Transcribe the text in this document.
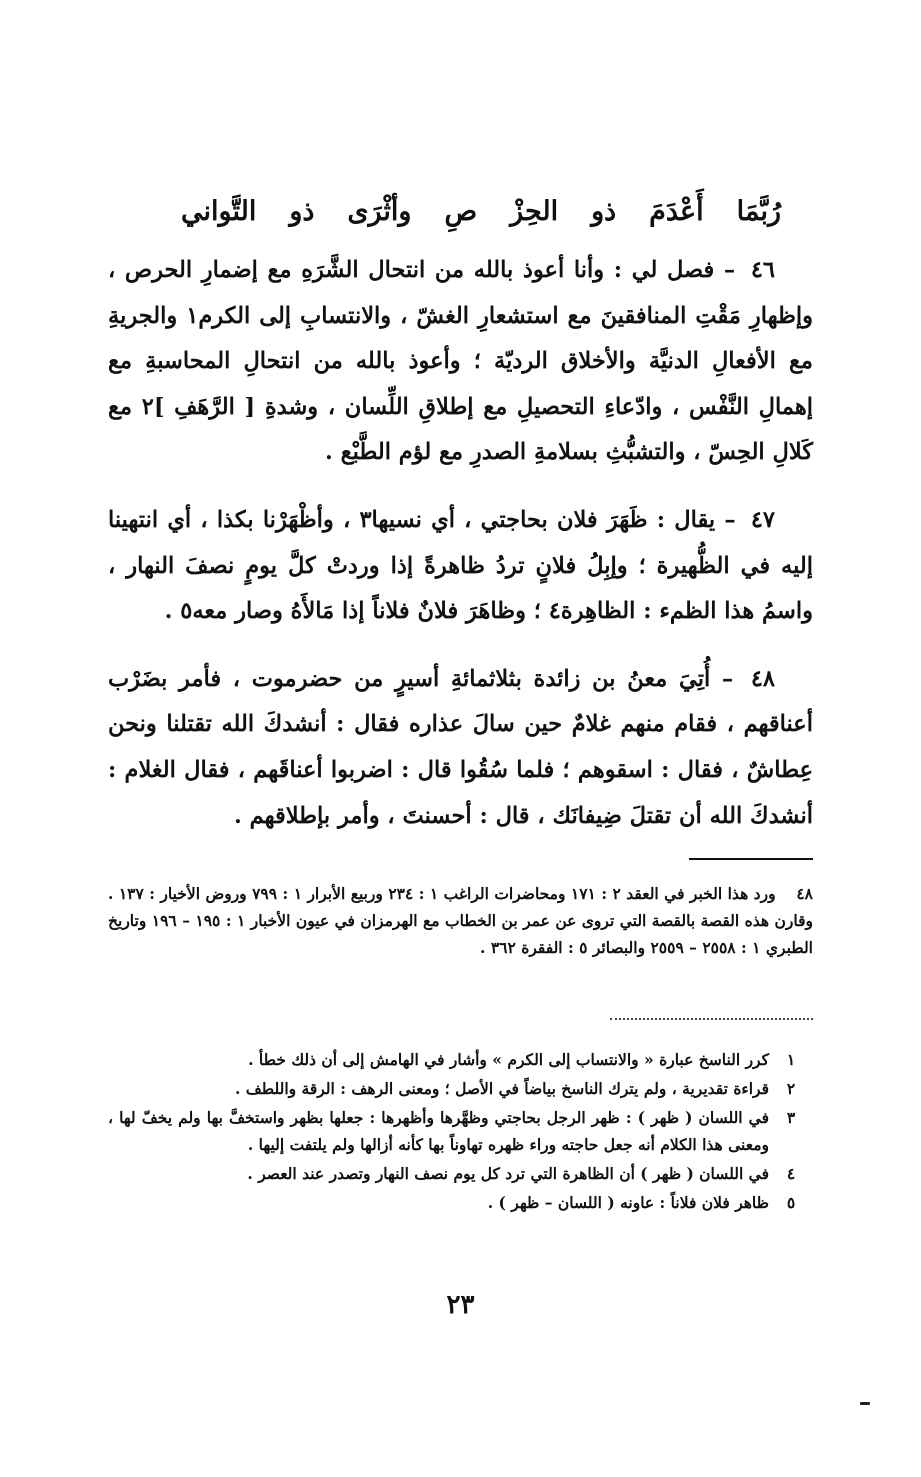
رُبَّمَا
أَعْدَمَ
ذو
الحِزْ
صِ
وأثْرَى
ذو
التَّواني

٤٦ – فصل لي : وأنا أعوذ بالله من انتحال الشَّرَهِ مع إضمارِ الحرص ، وإظهارِ مَقْتِ المنافقينَ مع استشعارِ الغشّ ، والانتسابِ إلى الكرم١ والجريةِ مع الأفعالِ الدنيَّة والأخلاق الرديّة ؛ وأعوذ بالله من انتحالِ المحاسبةِ مع إهمالِ النَّفْس ، وادّعاءِ التحصيلِ مع إطلاقِ اللِّسان ، وشدةِ [ الرَّهَفِ ]٢ مع كَلالِ الحِسّ ، والتشبُّثِ بسلامةِ الصدرِ مع لؤم الطَّبْع .

٤٧ – يقال : ظَهَرَ فلان بحاجتي ، أي نسيها٣ ، وأظْهَرْنا بكذا ، أي انتهينا إليه في الظُّهيرة ؛ وإبِلُ فلانٍ تردُ ظاهرةً إذا وردتْ كلَّ يومٍ نصفَ النهار ، واسمُ هذا الظمء : الظاهِرة٤ ؛ وظاهَرَ فلانٌ فلاناً إذا مَالأَهُ وصار معه٥ .

٤٨ – أُتِيَ معنُ بن زائدة بثلاثمائةِ أسيرٍ من حضرموت ، فأمر بضَرْب أعناقهم ، فقام منهم غلامٌ حين سالَ عذاره فقال : أنشدكَ الله تقتلنا ونحن عِطاشٌ ، فقال : اسقوهم ؛ فلما سُقُوا قال : اضربوا أعناقَهم ، فقال الغلام : أنشدكَ الله أن تقتلَ ضِيفانَك ، قال : أحسنتَ ، وأمر بإطلاقهم .

٤٨ ورد هذا الخبر في العقد ٢ : ١٧١ ومحاضرات الراغب ١ : ٢٣٤ وربيع الأبرار ١ : ٧٩٩ وروض الأخيار : ١٣٧ . وقارن هذه القصة بالقصة التي تروى عن عمر بن الخطاب مع الهرمزان في عيون الأخبار ١ : ١٩٥ – ١٩٦ وتاريخ الطبري ١ : ٢٥٥٨ – ٢٥٥٩ والبصائر ٥ : الفقرة ٣٦٢ .
١
كرر الناسخ عبارة « والانتساب إلى الكرم » وأشار في الهامش إلى أن ذلك خطأ .
٢
قراءة تقديرية ، ولم يترك الناسخ بياضاً في الأصل ؛ ومعنى الرهف : الرقة واللطف .
٣
في اللسان ( ظهر ) : ظهر الرجل بحاجتي وظهَّرها وأظهرها : جعلها بظهر واستخفَّ بها ولم يخفّ لها ، ومعنى هذا الكلام أنه جعل حاجته وراء ظهره تهاوناً بها كأنه أزالها ولم يلتفت إليها .
٤
في اللسان ( ظهر ) أن الظاهرة التي ترد كل يوم نصف النهار وتصدر عند العصر .
٥
ظاهر فلان فلاناً : عاونه ( اللسان – ظهر ) .
٢٣
